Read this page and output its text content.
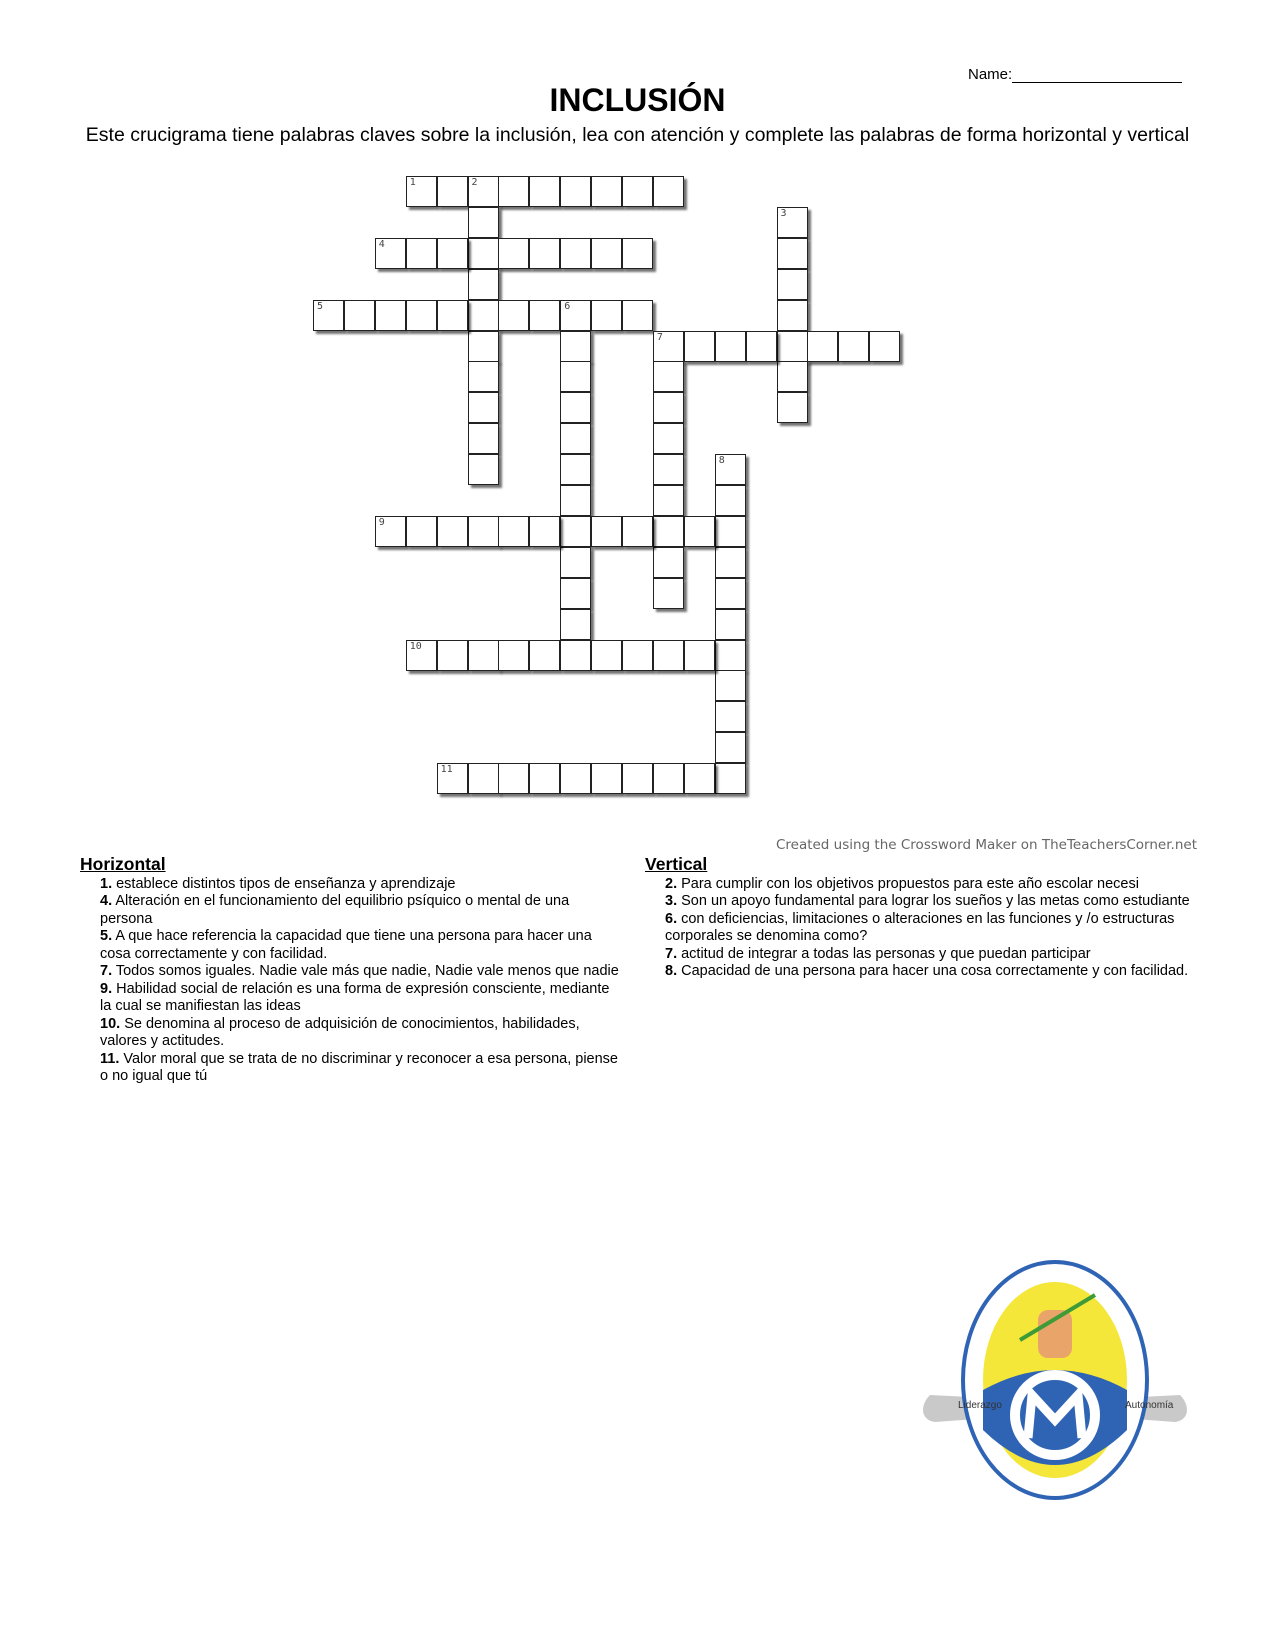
Name:
INCLUSIÓN
Este crucigrama tiene palabras claves sobre la inclusión, lea con atención y complete las palabras de forma horizontal y vertical
1	2
3
4
5	6
7
8
9
10
11
Created using the Crossword Maker on TheTeachersCorner.net
Horizontal
1. establece distintos tipos de enseñanza y aprendizaje
4. Alteración en el funcionamiento del equilibrio psíquico o mental de una persona
5. A que hace referencia la capacidad que tiene una persona para hacer una cosa correctamente y con facilidad.
7. Todos somos iguales. Nadie vale más que nadie, Nadie vale menos que nadie
9. Habilidad social de relación es una forma de expresión consciente, mediante la cual se manifiestan las ideas
10. Se denomina al proceso de adquisición de conocimientos, habilidades, valores y actitudes.
11. Valor moral que se trata de no discriminar y reconocer a esa persona, piense o no igual que tú
Vertical
2. Para cumplir con los objetivos propuestos para este año escolar necesi
3. Son un apoyo fundamental para lograr los sueños y las metas como estudiante
6. con deficiencias, limitaciones o alteraciones en las funciones y /o estructuras corporales se denomina como?
7. actitud de integrar a todas las personas y que puedan participar
8. Capacidad de una persona para hacer una cosa correctamente y con facilidad.
Liderazgo	Autonomía
